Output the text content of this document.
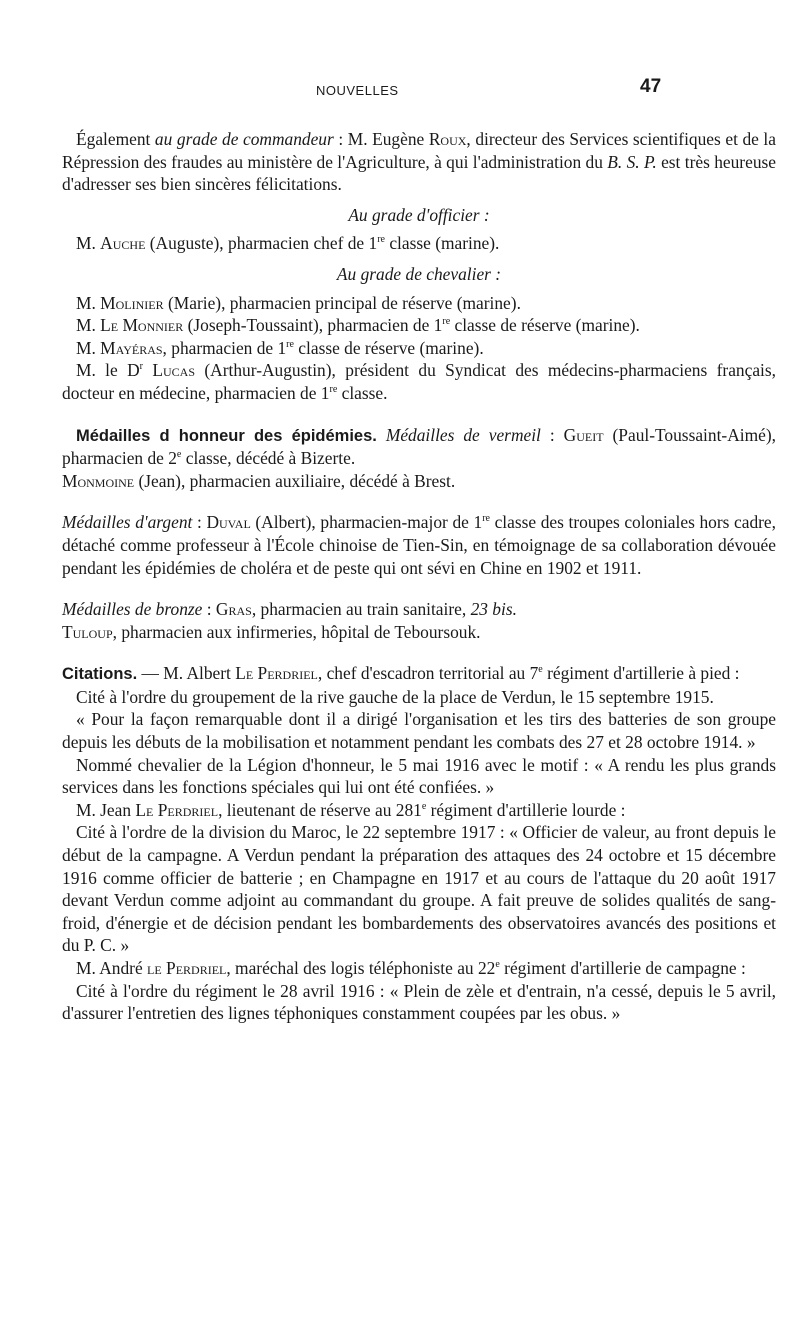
NOUVELLES	47

Également au grade de commandeur : M. Eugène Roux, directeur des Services scientifiques et de la Répression des fraudes au ministère de l'Agriculture, à qui l'administration du B. S. P. est très heureuse d'adresser ses bien sincères félicitations.

Au grade d'officier :

M. Auche (Auguste), pharmacien chef de 1re classe (marine).

Au grade de chevalier :

M. Molinier (Marie), pharmacien principal de réserve (marine).

M. Le Monnier (Joseph-Toussaint), pharmacien de 1re classe de réserve (marine).

M. Mayéras, pharmacien de 1re classe de réserve (marine).

M. le $D^r$ Lucas (Arthur-Augustin), président du Syndicat des médecins-pharmaciens français, docteur en médecine, pharmacien de 1re classe.

Médailles d honneur des épidémies. Médailles de vermeil : Gueit (Paul-Toussaint-Aimé), pharmacien de 2e classe, décédé à Bizerte.

Monmoine (Jean), pharmacien auxiliaire, décédé à Brest.

Médailles d'argent : Duval (Albert), pharmacien-major de 1re classe des troupes coloniales hors cadre, détaché comme professeur à l'École chinoise de Tien-Sin, en témoignage de sa collaboration dévouée pendant les épidémies de choléra et de peste qui ont sévi en Chine en 1902 et 1911.

Médailles de bronze : Gras, pharmacien au train sanitaire, 23 bis.

Tuloup, pharmacien aux infirmeries, hôpital de Teboursouk.

Citations. — M. Albert Le Perdriel, chef d'escadron territorial au 7e régiment d'artillerie à pied :

Cité à l'ordre du groupement de la rive gauche de la place de Verdun, le 15 septembre 1915.

« Pour la façon remarquable dont il a dirigé l'organisation et les tirs des batteries de son groupe depuis les débuts de la mobilisation et notamment pendant les combats des 27 et 28 octobre 1914. »

Nommé chevalier de la Légion d'honneur, le 5 mai 1916 avec le motif : « A rendu les plus grands services dans les fonctions spéciales qui lui ont été confiées. »

M. Jean Le Perdriel, lieutenant de réserve au 281e régiment d'artillerie lourde :

Cité à l'ordre de la division du Maroc, le 22 septembre 1917 : « Officier de valeur, au front depuis le début de la campagne. A Verdun pendant la préparation des attaques des 24 octobre et 15 décembre 1916 comme officier de batterie ; en Champagne en 1917 et au cours de l'attaque du 20 août 1917 devant Verdun comme adjoint au commandant du groupe. A fait preuve de solides qualités de sang-froid, d'énergie et de décision pendant les bombardements des observatoires avancés des positions et du P. C. »

M. André le Perdriel, maréchal des logis téléphoniste au 22e régiment d'artillerie de campagne :

Cité à l'ordre du régiment le 28 avril 1916 : « Plein de zèle et d'entrain, n'a cessé, depuis le 5 avril, d'assurer l'entretien des lignes téphoniques constamment coupées par les obus. »
